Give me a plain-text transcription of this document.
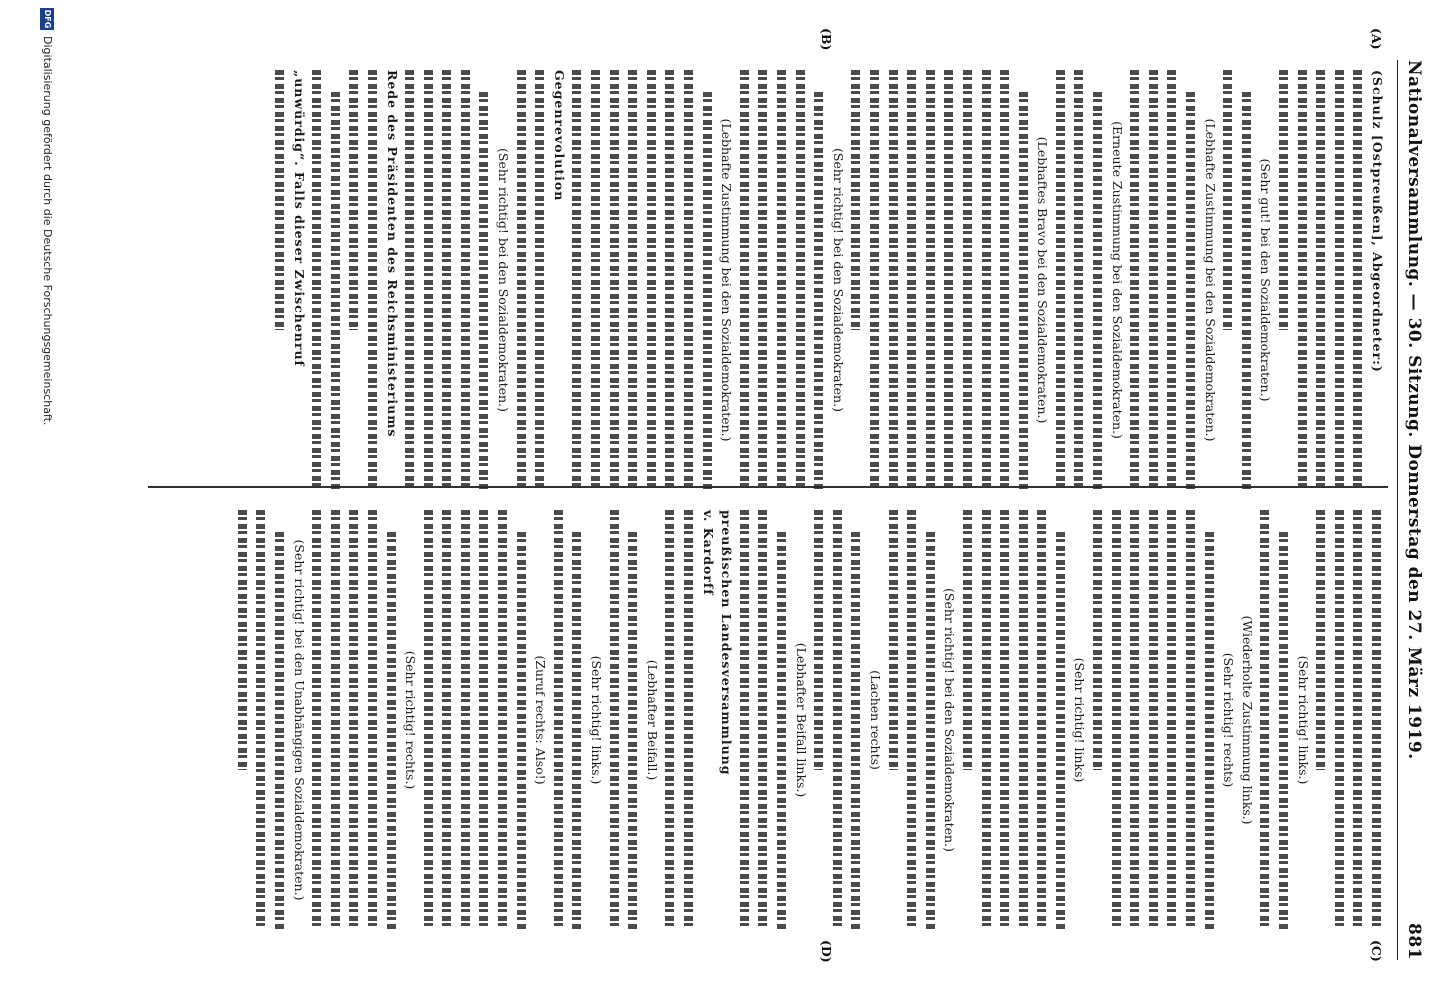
Nationalversammlung. — 30. Sitzung. Donnerstag den 27. März 1919.
881
(A)
(B)
(C)
(D)
(Schulz [Ostpreußen], Abgeordneter:)
(Sehr gut! bei den Sozialdemokraten.)
(Lebhafte Zustimmung bei den Sozialdemokraten.)
(Erneute Zustimmung bei den Sozialdemokraten.)
(Lebhaftes Bravo bei den Sozialdemokraten.)
(Sehr richtig! bei den Sozialdemokraten.)
(Lebhafte Zustimmung bei den Sozialdemokraten.)
Gegenrevolution
(Sehr richtig! bei den Sozialdemokraten.)
Rede des Präsidenten des Reichsministeriums
„unwürdig“. Falls dieser Zwischenruf
(Sehr richtig! links.)
(Wiederholte Zustimmung links.)
(Sehr richtig! rechts)
(Sehr richtig! links)
(Sehr richtig! bei den Sozialdemokraten.)
(Lachen rechts)
(Lebhafter Beifall links.)
preußischen Landesversammlung
v. Kardorff
(Lebhafter Beifall.)
(Sehr richtig! links.)
(Zuruf rechts: Also!)
(Sehr richtig! rechts.)
(Sehr richtig! bei den Unabhängigen Sozialdemokraten.)
DFG
Digitalisierung gefördert durch die Deutsche Forschungsgemeinschaft.
